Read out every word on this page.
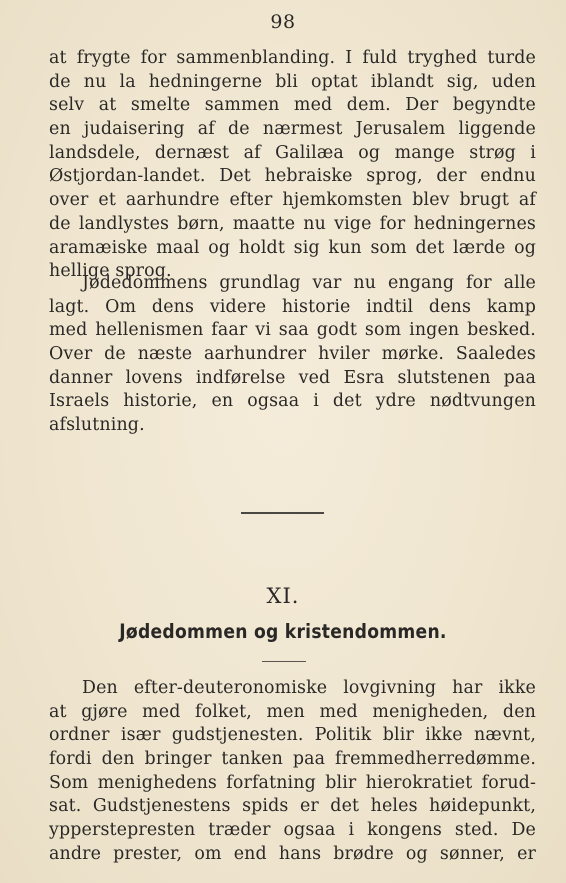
98
at frygte for sammenblanding. I fuld tryghed turde
de nu la hedningerne bli optat iblandt sig, uden
selv at smelte sammen med dem. Der begyndte
en judaisering af de nærmest Jerusalem liggende
landsdele, dernæst af Galilæa og mange strøg i
Østjordan-landet. Det hebraiske sprog, der endnu
over et aarhundre efter hjemkomsten blev brugt af
de landlystes børn, maatte nu vige for hedningernes
aramæiske maal og holdt sig kun som det lærde og
hellige sprog.
Jødedommens grundlag var nu engang for alle
lagt. Om dens videre historie indtil dens kamp
med hellenismen faar vi saa godt som ingen besked.
Over de næste aarhundrer hviler mørke. Saaledes
danner lovens indførelse ved Esra slutstenen paa
Israels historie, en ogsaa i det ydre nødtvungen
afslutning.
XI.
Jødedommen og kristendommen.
Den efter-deuteronomiske lovgivning har ikke
at gjøre med folket, men med menigheden, den
ordner især gudstjenesten. Politik blir ikke nævnt,
fordi den bringer tanken paa fremmedherredømme.
Som menighedens forfatning blir hierokratiet forud-
sat. Gudstjenestens spids er det heles høidepunkt,
ypperstepresten træder ogsaa i kongens sted. De
andre prester, om end hans brødre og sønner, er
